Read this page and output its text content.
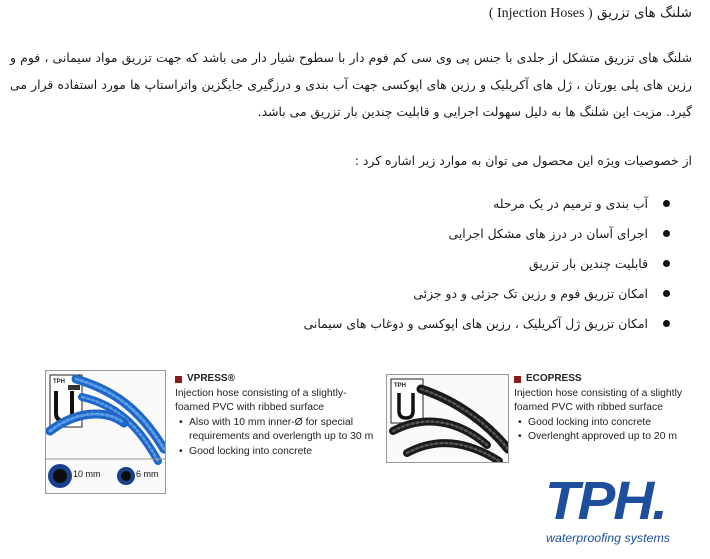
شلنگ های تزریق ( Injection Hoses )
شلنگ های تزریق متشکل از جلدی با جنس پی وی سی کم فوم دار با سطوح شیار دار می باشد که جهت تزریق مواد سیمانی ، فوم و رزین های پلی یورتان ، ژل های آکریلیک و رزین های اپوکسی جهت آب بندی و درزگیری جایگزین واتراستاپ ها مورد استفاده قرار می گیرد. مزیت این شلنگ ها به دلیل سهولت اجرایی و قابلیت چندین بار تزریق می باشد.
از خصوصیات ویژه این محصول می توان به موارد زیر اشاره کرد :
آب بندی و ترمیم در یک مرحله
اجرای آسان در درز های مشکل اجرایی
قابلیت چندین بار تزریق
امکان تزریق فوم و رزین تک جزئی و دو جزئی
امکان تزریق ژل آکریلیک ، رزین های اپوکسی و دوغاب های سیمانی
TPH
10 mm	6 mm
VPRESS®
Injection hose consisting of a slightly-foamed PVC with ribbed surface
• Also with 10 mm inner-Ø for special requirements and overlength up to 30 m
• Good locking into concrete
TPH
ECOPRESS
Injection hose consisting of a slightly foamed PVC with ribbed surface
• Good locking into concrete
• Overlenght approved up to 20 m
TPH.
waterproofing systems
